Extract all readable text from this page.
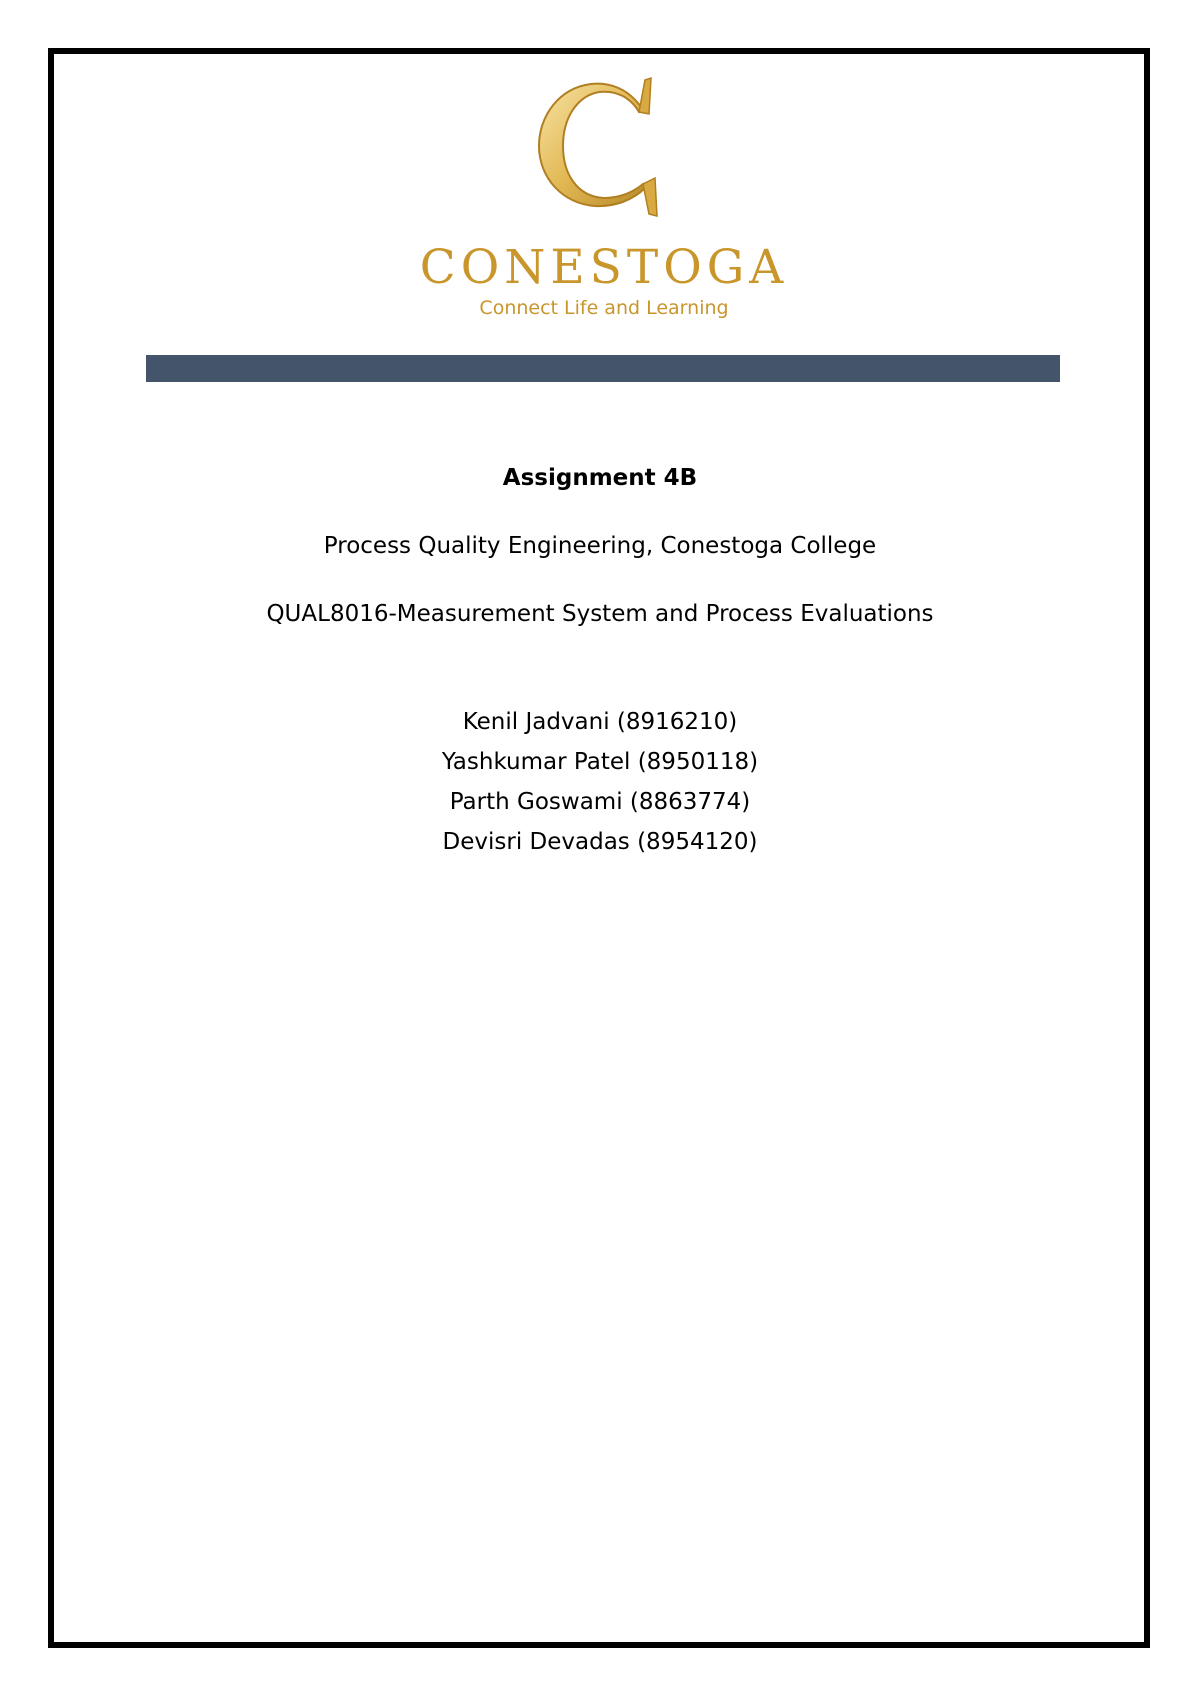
CONESTOGA
Connect Life and Learning

Assignment 4B

Process Quality Engineering, Conestoga College

QUAL8016-Measurement System and Process Evaluations

Kenil Jadvani (8916210)
Yashkumar Patel (8950118)
Parth Goswami (8863774)
Devisri Devadas (8954120)
